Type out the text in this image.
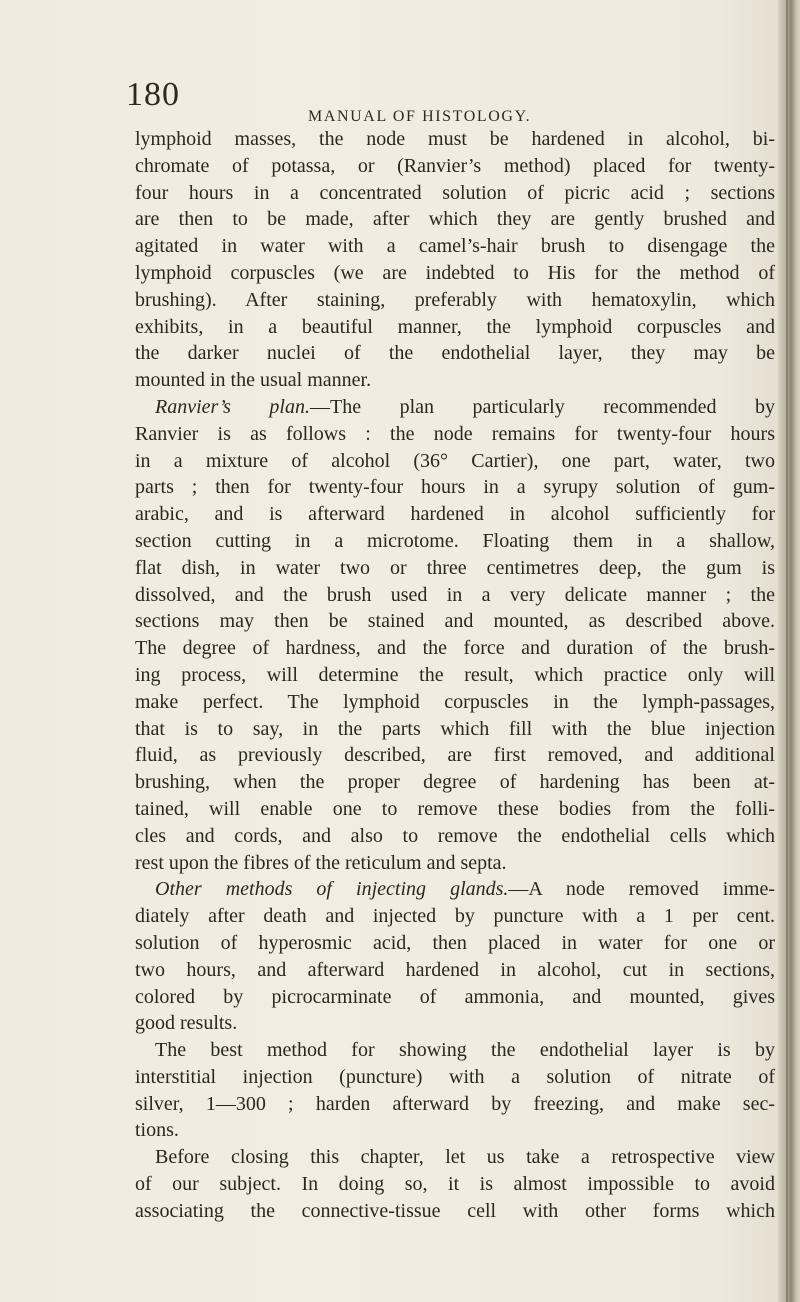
180
MANUAL OF HISTOLOGY.
lymphoid masses, the node must be hardened in alcohol, bi-
chromate of potassa, or (Ranvier’s method) placed for twenty-
four hours in a concentrated solution of picric acid ; sections
are then to be made, after which they are gently brushed and
agitated in water with a camel’s-hair brush to disengage the
lymphoid corpuscles (we are indebted to His for the method of
brushing). After staining, preferably with hematoxylin, which
exhibits, in a beautiful manner, the lymphoid corpuscles and
the darker nuclei of the endothelial layer, they may be
mounted in the usual manner.
Ranvier’s plan.—The plan particularly recommended by
Ranvier is as follows : the node remains for twenty-four hours
in a mixture of alcohol (36° Cartier), one part, water, two
parts ; then for twenty-four hours in a syrupy solution of gum-
arabic, and is afterward hardened in alcohol sufficiently for
section cutting in a microtome. Floating them in a shallow,
flat dish, in water two or three centimetres deep, the gum is
dissolved, and the brush used in a very delicate manner ; the
sections may then be stained and mounted, as described above.
The degree of hardness, and the force and duration of the brush-
ing process, will determine the result, which practice only will
make perfect. The lymphoid corpuscles in the lymph-passages,
that is to say, in the parts which fill with the blue injection
fluid, as previously described, are first removed, and additional
brushing, when the proper degree of hardening has been at-
tained, will enable one to remove these bodies from the folli-
cles and cords, and also to remove the endothelial cells which
rest upon the fibres of the reticulum and septa.
Other methods of injecting glands.—A node removed imme-
diately after death and injected by puncture with a 1 per cent.
solution of hyperosmic acid, then placed in water for one or
two hours, and afterward hardened in alcohol, cut in sections,
colored by picrocarminate of ammonia, and mounted, gives
good results.
The best method for showing the endothelial layer is by
interstitial injection (puncture) with a solution of nitrate of
silver, 1—300 ; harden afterward by freezing, and make sec-
tions.
Before closing this chapter, let us take a retrospective view
of our subject. In doing so, it is almost impossible to avoid
associating the connective-tissue cell with other forms which
